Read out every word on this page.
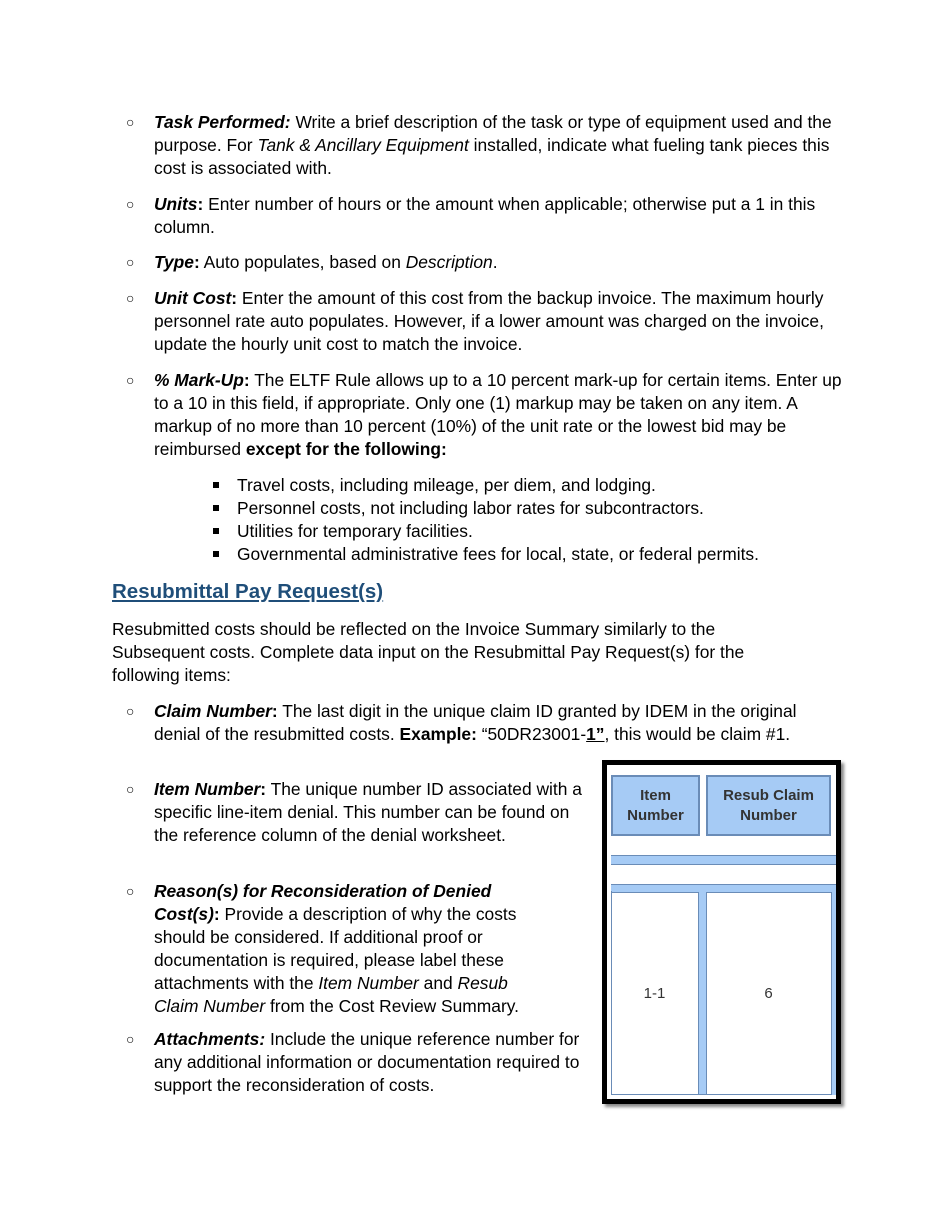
○ Task Performed: Write a brief description of the task or type of equipment used and the purpose. For Tank & Ancillary Equipment installed, indicate what fueling tank pieces this cost is associated with.
○ Units: Enter number of hours or the amount when applicable; otherwise put a 1 in this column.
○ Type: Auto populates, based on Description.
○ Unit Cost: Enter the amount of this cost from the backup invoice. The maximum hourly personnel rate auto populates. However, if a lower amount was charged on the invoice, update the hourly unit cost to match the invoice.
○ % Mark-Up: The ELTF Rule allows up to a 10 percent mark-up for certain items. Enter up to a 10 in this field, if appropriate. Only one (1) markup may be taken on any item. A markup of no more than 10 percent (10%) of the unit rate or the lowest bid may be reimbursed except for the following:
Travel costs, including mileage, per diem, and lodging.
Personnel costs, not including labor rates for subcontractors.
Utilities for temporary facilities.
Governmental administrative fees for local, state, or federal permits.
Resubmittal Pay Request(s)

Resubmitted costs should be reflected on the Invoice Summary similarly to the Subsequent costs. Complete data input on the Resubmittal Pay Request(s) for the following items:

○ Claim Number: The last digit in the unique claim ID granted by IDEM in the original denial of the resubmitted costs. Example: “50DR23001-1”, this would be claim #1.
○ Item Number: The unique number ID associated with a specific line-item denial. This number can be found on the reference column of the denial worksheet.
○ Reason(s) for Reconsideration of Denied Cost(s): Provide a description of why the costs should be considered. If additional proof or documentation is required, please label these attachments with the Item Number and Resub Claim Number from the Cost Review Summary.
○ Attachments: Include the unique reference number for any additional information or documentation required to support the reconsideration of costs.
Item
Number
Resub Claim
Number
1-1	6
